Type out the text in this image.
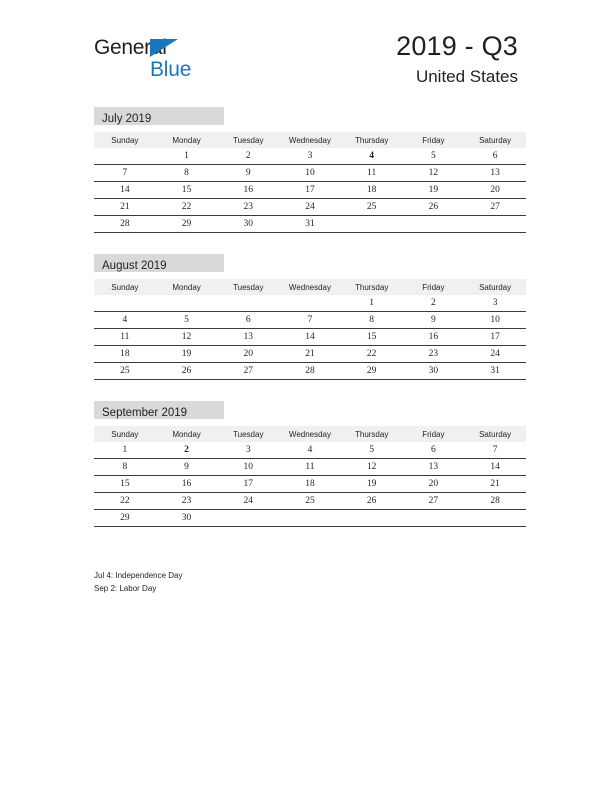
General
Blue
2019 - Q3
United States
July 2019
Sunday	Monday	Tuesday	Wednesday	Thursday	Friday	Saturday
	1	2	3	4	5	6
7	8	9	10	11	12	13
14	15	16	17	18	19	20
21	22	23	24	25	26	27
28	29	30	31			
August 2019
Sunday	Monday	Tuesday	Wednesday	Thursday	Friday	Saturday
				1	2	3
4	5	6	7	8	9	10
11	12	13	14	15	16	17
18	19	20	21	22	23	24
25	26	27	28	29	30	31
September 2019
Sunday	Monday	Tuesday	Wednesday	Thursday	Friday	Saturday
1	2	3	4	5	6	7
8	9	10	11	12	13	14
15	16	17	18	19	20	21
22	23	24	25	26	27	28
29	30					
Jul 4: Independence Day
Sep 2: Labor Day
